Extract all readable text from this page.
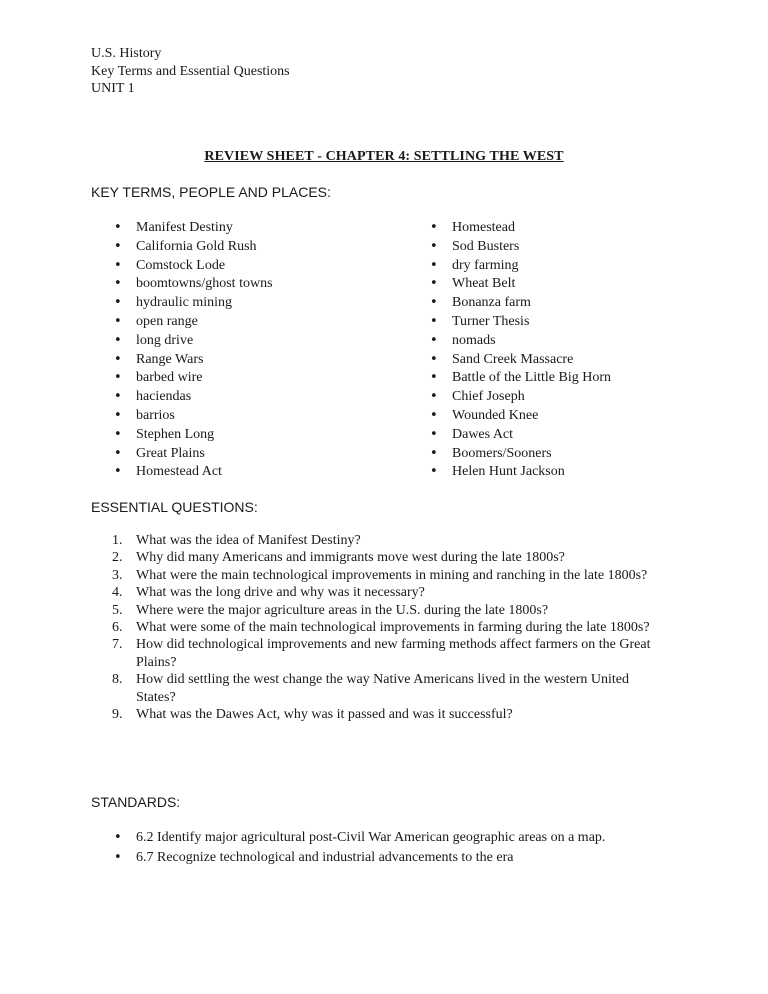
U.S. History
Key Terms and Essential Questions
UNIT 1
REVIEW SHEET - CHAPTER 4: SETTLING THE WEST
KEY TERMS, PEOPLE AND PLACES:
• Manifest Destiny
• California Gold Rush
• Comstock Lode
• boomtowns/ghost towns
• hydraulic mining
• open range
• long drive
• Range Wars
• barbed wire
• haciendas
• barrios
• Stephen Long
• Great Plains
• Homestead Act
• Homestead
• Sod Busters
• dry farming
• Wheat Belt
• Bonanza farm
• Turner Thesis
• nomads
• Sand Creek Massacre
• Battle of the Little Big Horn
• Chief Joseph
• Wounded Knee
• Dawes Act
• Boomers/Sooners
• Helen Hunt Jackson
ESSENTIAL QUESTIONS:
1. What was the idea of Manifest Destiny?
2. Why did many Americans and immigrants move west during the late 1800s?
3. What were the main technological improvements in mining and ranching in the late 1800s?
4. What was the long drive and why was it necessary?
5. Where were the major agriculture areas in the U.S. during the late 1800s?
6. What were some of the main technological improvements in farming during the late 1800s?
7. How did technological improvements and new farming methods affect farmers on the Great Plains?
8. How did settling the west change the way Native Americans lived in the western United States?
9. What was the Dawes Act, why was it passed and was it successful?
STANDARDS:
• 6.2 Identify major agricultural post-Civil War American geographic areas on a map.
• 6.7 Recognize technological and industrial advancements to the era
